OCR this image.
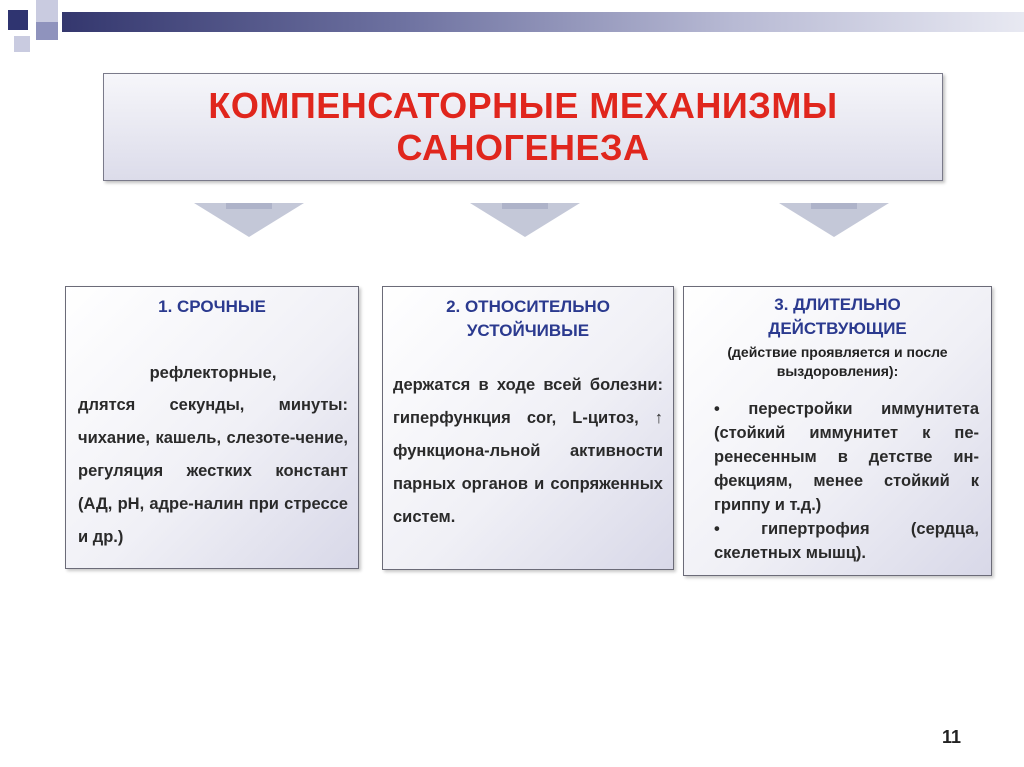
КОМПЕНСАТОРНЫЕ МЕХАНИЗМЫ
САНОГЕНЕЗА
1. СРОЧНЫЕ

рефлекторные,

длятся секунды, минуты: чихание, кашель, слезоте-чение, регуляция жестких констант (АД, pH, адре-налин при стрессе и др.)

2. ОТНОСИТЕЛЬНО
УСТОЙЧИВЫЕ

держатся в ходе всей болезни: гиперфункция cor, L-цитоз, ↑ функциона-льной активности парных органов и сопряженных систем.

3. ДЛИТЕЛЬНО
ДЕЙСТВУЮЩИЕ
(действие проявляется и после выздоровления):

• перестройки иммунитета (стойкий иммунитет к пе-ренесенным в детстве ин-фекциям, менее стойкий к гриппу и т.д.)

• гипертрофия (сердца, скелетных мышц).

11
